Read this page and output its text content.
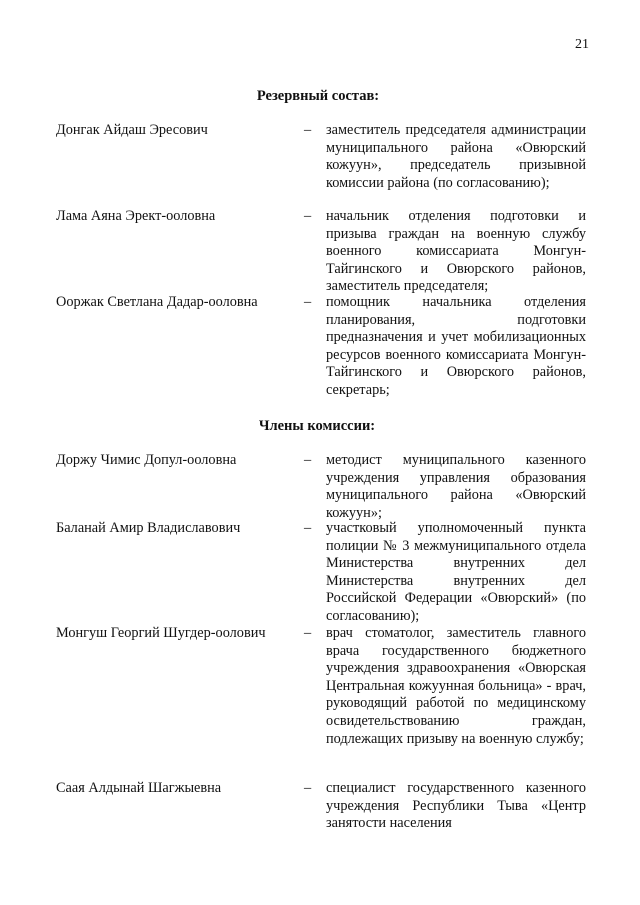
21
Резервный состав:
Донгак Айдаш Эресович	– заместитель председателя администрации муниципального района «Овюрский кожуун», председатель призывной комиссии района (по согласованию);
Лама Аяна Эрект-ооловна	– начальник отделения подготовки и призыва граждан на военную службу военного комиссариата Монгун-Тайгинского и Овюрского районов, заместитель председателя;
Ооржак Светлана Дадар-ооловна	– помощник начальника отделения планирования, подготовки предназначения и учет мобилизационных ресурсов военного комиссариата Монгун-Тайгинского и Овюрского районов, секретарь;
Члены комиссии:
Доржу Чимис Допул-ооловна	– методист муниципального казенного учреждения управления образования муниципального района «Овюрский кожуун»;
Баланай Амир Владиславович	– участковый уполномоченный пункта полиции № 3 межмуниципального отдела Министерства внутренних дел Министерства внутренних дел Российской Федерации «Овюрский» (по согласованию);
Монгуш Георгий Шугдер-оолович	– врач стоматолог, заместитель главного врача государственного бюджетного учреждения здравоохранения «Овюрская Центральная кожуунная больница» - врач, руководящий работой по медицинскому освидетельствованию граждан, подлежащих призыву на военную службу;
Саая Алдынай Шагжыевна	– специалист государственного казенного учреждения Республики Тыва «Центр занятости населения
